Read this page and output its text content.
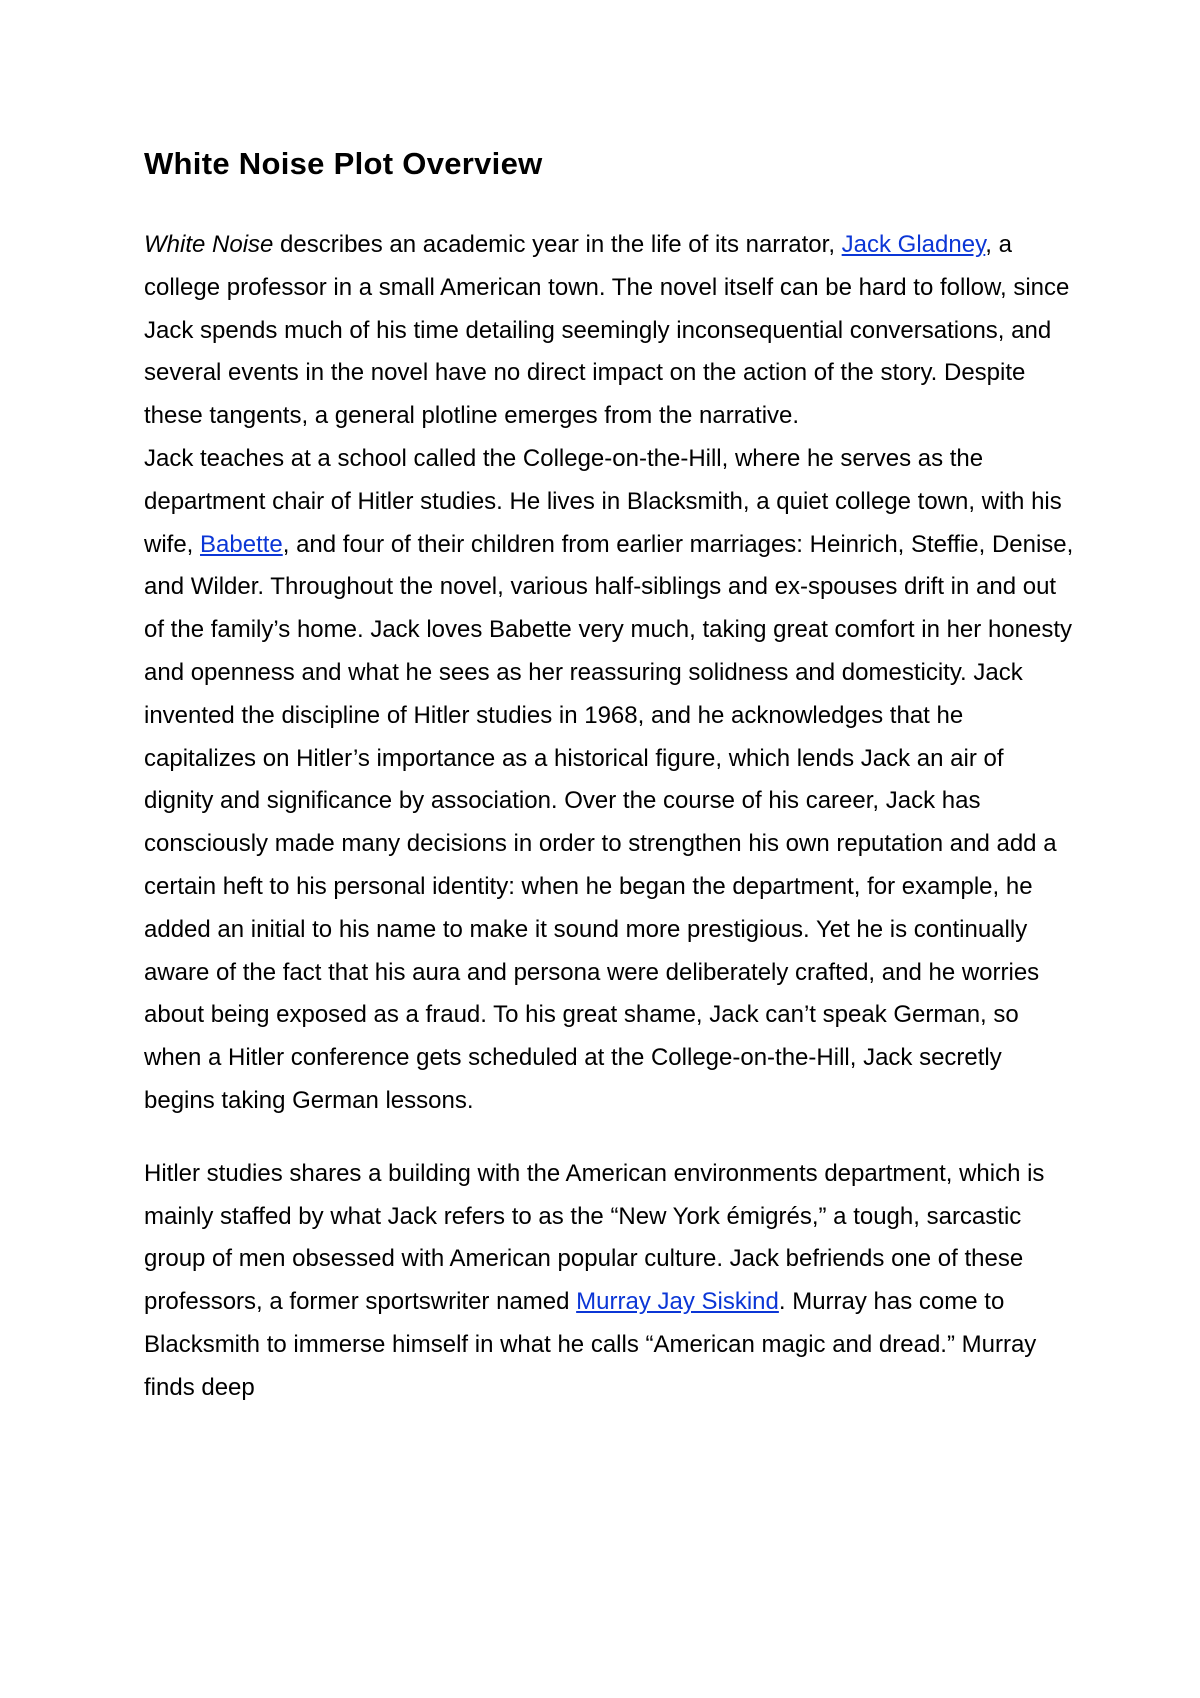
White Noise Plot Overview

White Noise describes an academic year in the life of its narrator, Jack Gladney, a college professor in a small American town. The novel itself can be hard to follow, since Jack spends much of his time detailing seemingly inconsequential conversations, and several events in the novel have no direct impact on the action of the story. Despite these tangents, a general plotline emerges from the narrative.

Jack teaches at a school called the College-on-the-Hill, where he serves as the department chair of Hitler studies. He lives in Blacksmith, a quiet college town, with his wife, Babette, and four of their children from earlier marriages: Heinrich, Steffie, Denise, and Wilder. Throughout the novel, various half-siblings and ex-spouses drift in and out of the family’s home. Jack loves Babette very much, taking great comfort in her honesty and openness and what he sees as her reassuring solidness and domesticity. Jack invented the discipline of Hitler studies in 1968, and he acknowledges that he capitalizes on Hitler’s importance as a historical figure, which lends Jack an air of dignity and significance by association. Over the course of his career, Jack has consciously made many decisions in order to strengthen his own reputation and add a certain heft to his personal identity: when he began the department, for example, he added an initial to his name to make it sound more prestigious. Yet he is continually aware of the fact that his aura and persona were deliberately crafted, and he worries about being exposed as a fraud. To his great shame, Jack can’t speak German, so when a Hitler conference gets scheduled at the College-on-the-Hill, Jack secretly begins taking German lessons.

Hitler studies shares a building with the American environments department, which is mainly staffed by what Jack refers to as the “New York émigrés,” a tough, sarcastic group of men obsessed with American popular culture. Jack befriends one of these professors, a former sportswriter named Murray Jay Siskind. Murray has come to Blacksmith to immerse himself in what he calls “American magic and dread.” Murray finds deep
